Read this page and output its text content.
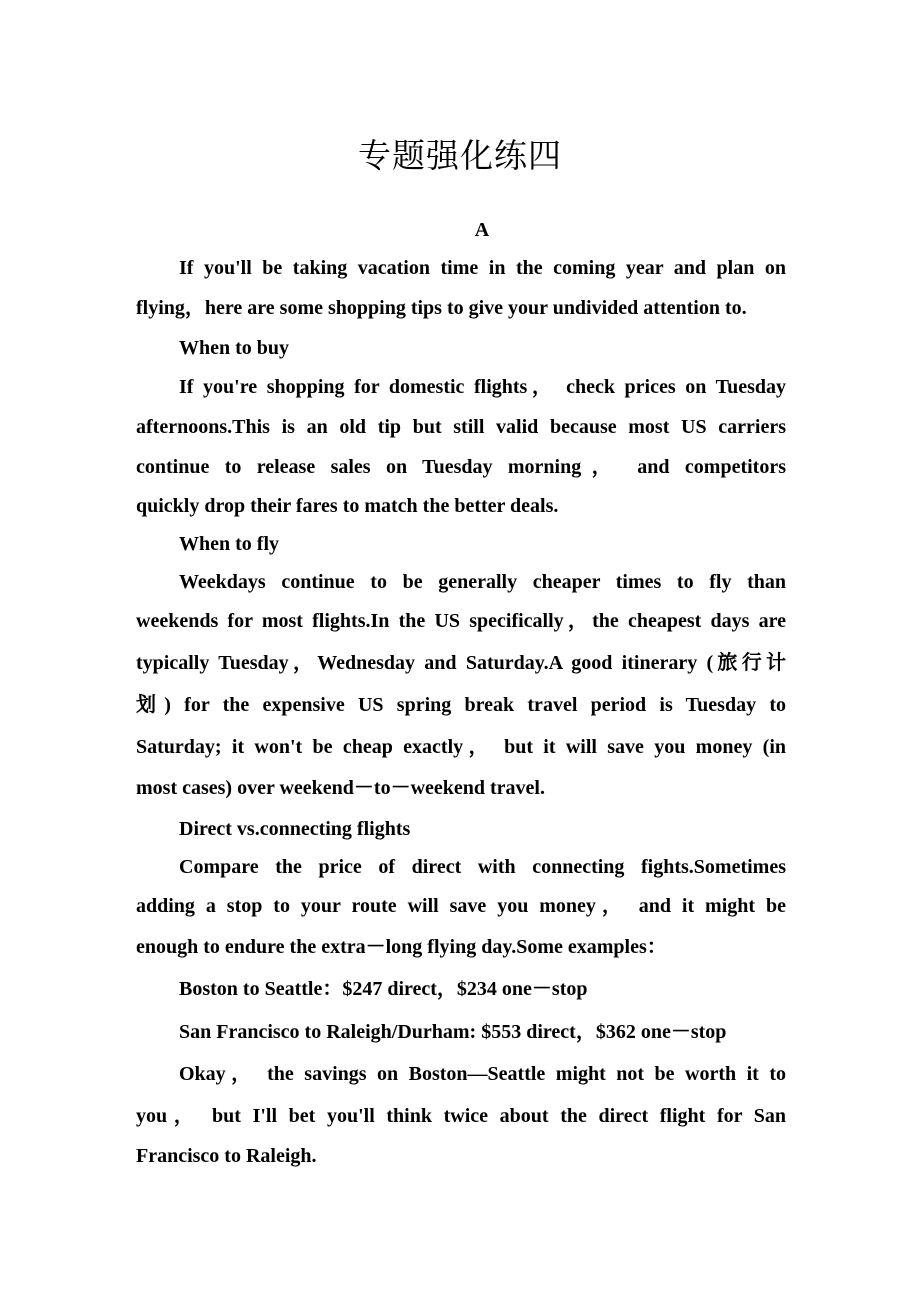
专题强化练四
A
If you'll be taking vacation time in the coming year and plan on
flying，here are some shopping tips to give your undivided attention to.
When to buy
If you're shopping for domestic flights， check prices on Tuesday
afternoons.This is an old tip but still valid because most US carriers
continue to release sales on Tuesday morning， and competitors
quickly drop their fares to match the better deals.
When to fly
Weekdays continue to be generally cheaper times to fly than
weekends for most flights.In the US specifically，the cheapest days are
typically Tuesday，Wednesday and Saturday.A good itinerary (旅行计
划) for the expensive US spring break travel period is Tuesday to
Saturday; it won't be cheap exactly， but it will save you money (in
most cases) over weekend－to－weekend travel.
Direct vs.connecting flights
Compare the price of direct with connecting fights.Sometimes
adding a stop to your route will save you money， and it might be
enough to endure the extra－long flying day.Some examples：
Boston to Seattle：$247 direct，$234 one－stop
San Francisco to Raleigh/Durham: $553 direct，$362 one－stop
Okay， the savings on Boston—Seattle might not be worth it to
you， but I'll bet you'll think twice about the direct flight for San
Francisco to Raleigh.
